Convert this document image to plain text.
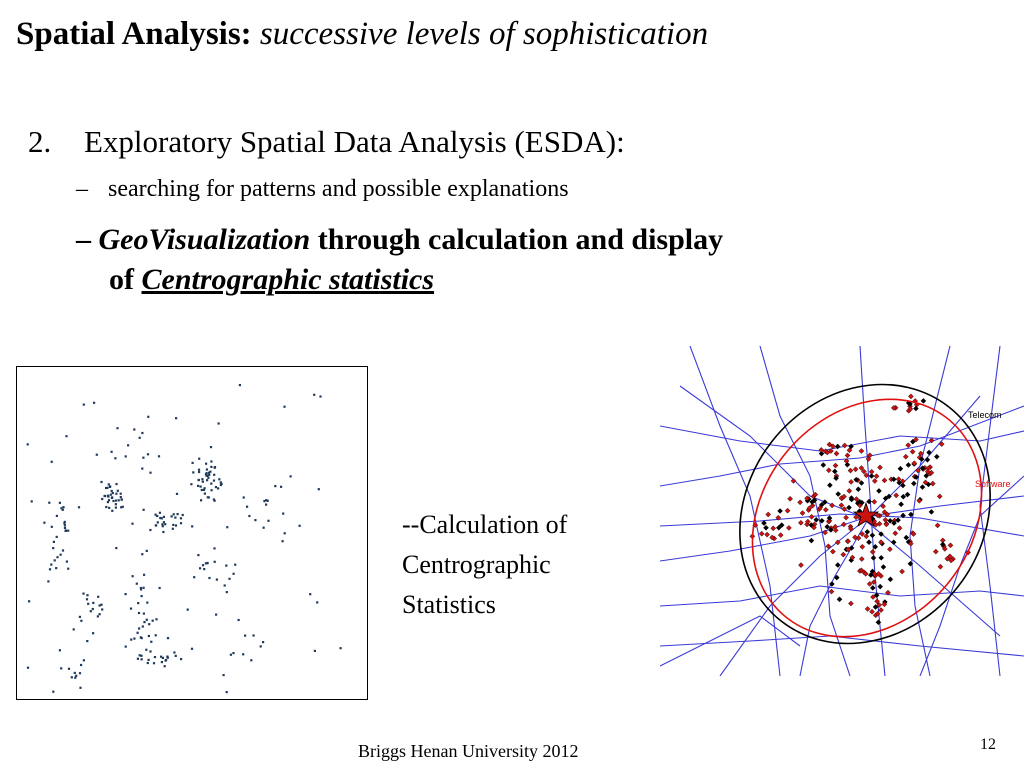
Spatial Analysis: successive levels of sophistication
2. Exploratory Spatial Data Analysis (ESDA):
– searching for patterns and possible explanations
– GeoVisualization through calculation and display
of Centrographic statistics
--Calculation of
Centrographic
Statistics
Telecom
Software
Briggs Henan University 2012	12
